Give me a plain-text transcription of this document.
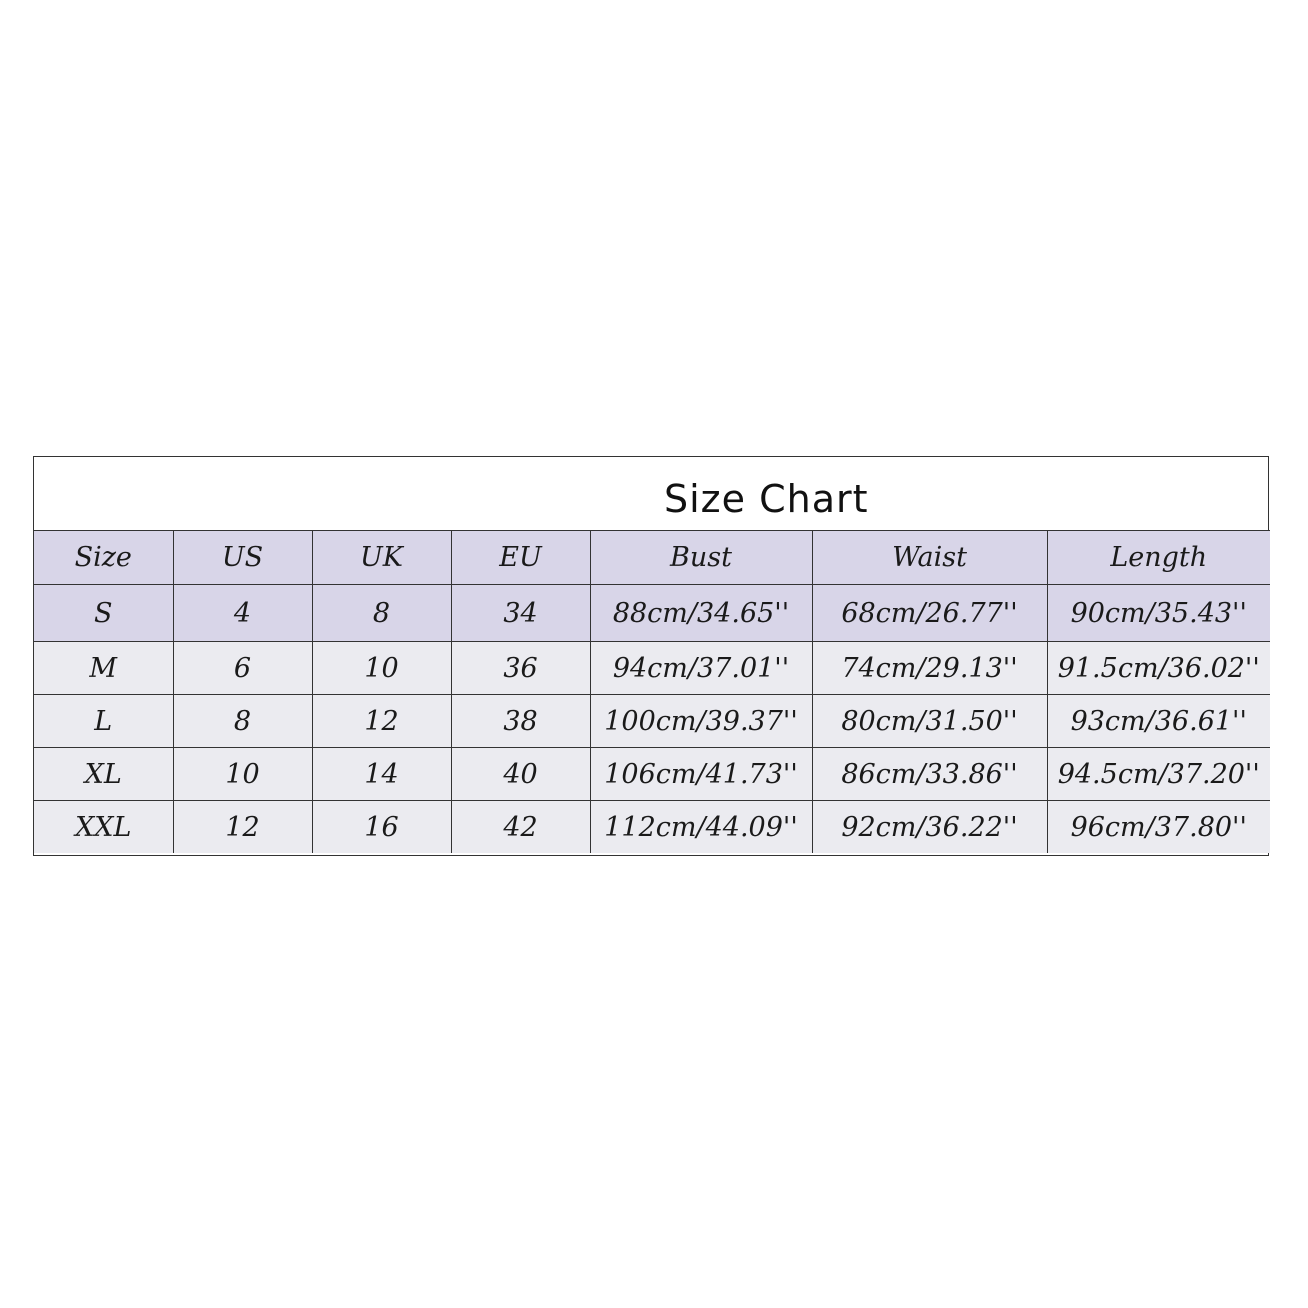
Size Chart
Size	US	UK	EU	Bust	Waist	Length
S	4	8	34	88cm/34.65''	68cm/26.77''	90cm/35.43''
M	6	10	36	94cm/37.01''	74cm/29.13''	91.5cm/36.02''
L	8	12	38	100cm/39.37''	80cm/31.50''	93cm/36.61''
XL	10	14	40	106cm/41.73''	86cm/33.86''	94.5cm/37.20''
XXL	12	16	42	112cm/44.09''	92cm/36.22''	96cm/37.80''
